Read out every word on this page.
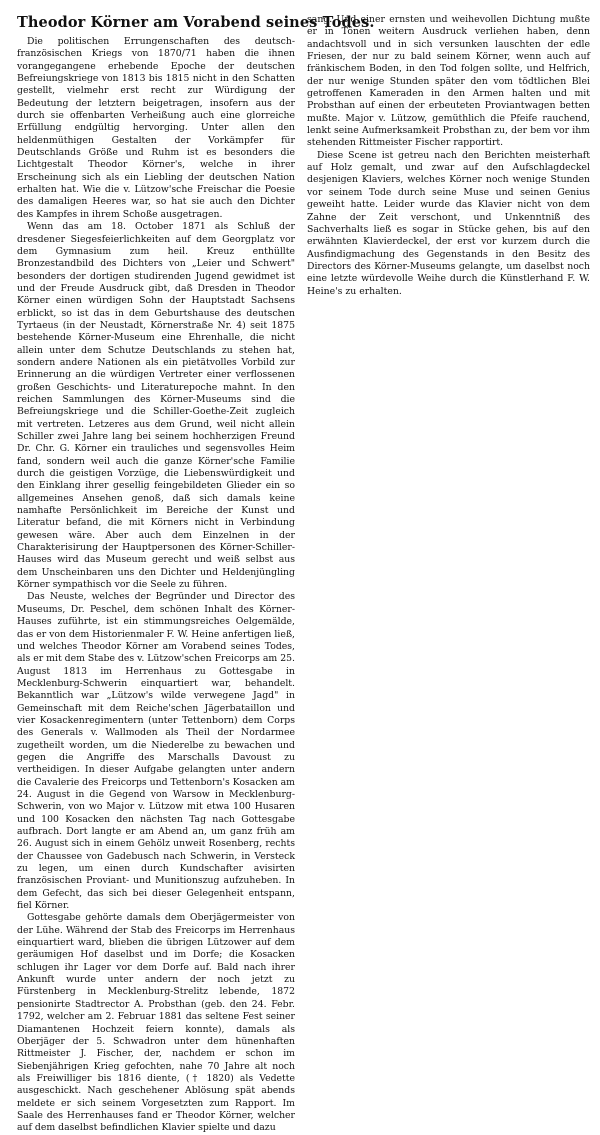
Theodor Körner am Vorabend seines Todes.

Die politischen Errungenschaften des deutsch-französischen Kriegs von 1870/71 haben die ihnen vorangegangene erhebende Epoche der deutschen Befreiungskriege von 1813 bis 1815 nicht in den Schatten gestellt, vielmehr erst recht zur Würdigung der Bedeutung der letztern beigetragen, insofern aus der durch sie offenbarten Verheißung auch eine glorreiche Erfüllung endgültig hervorging. Unter allen den heldenmüthigen Gestalten der Vorkämpfer für Deutschlands Größe und Ruhm ist es besonders die Lichtgestalt Theodor Körner's, welche in ihrer Erscheinung sich als ein Liebling der deutschen Nation erhalten hat. Wie die v. Lützow'sche Freischar die Poesie des damaligen Heeres war, so hat sie auch den Dichter des Kampfes in ihrem Schoße ausgetragen.

Wenn das am 18. October 1871 als Schluß der dresdener Siegesfeierlichkeiten auf dem Georgplatz vor dem Gymnasium zum heil. Kreuz enthüllte Bronzestandbild des Dichters von „Leier und Schwert" besonders der dortigen studirenden Jugend gewidmet ist und der Freude Ausdruck gibt, daß Dresden in Theodor Körner einen würdigen Sohn der Hauptstadt Sachsens erblickt, so ist das in dem Geburtshause des deutschen Tyrtaeus (in der Neustadt, Körnerstraße Nr. 4) seit 1875 bestehende Körner-Museum eine Ehrenhalle, die nicht allein unter dem Schutze Deutschlands zu stehen hat, sondern andere Nationen als ein pietätvolles Vorbild zur Erinnerung an die würdigen Vertreter einer verflossenen großen Geschichts- und Literaturepoche mahnt. In den reichen Sammlungen des Körner-Museums sind die Befreiungskriege und die Schiller-Goethe-Zeit zugleich mit vertreten. Letzeres aus dem Grund, weil nicht allein Schiller zwei Jahre lang bei seinem hochherzigen Freund Dr. Chr. G. Körner ein trauliches und segensvolles Heim fand, sondern weil auch die ganze Körner'sche Familie durch die geistigen Vorzüge, die Liebenswürdigkeit und den Einklang ihrer gesellig feingebildeten Glieder ein so allgemeines Ansehen genoß, daß sich damals keine namhafte Persönlichkeit im Bereiche der Kunst und Literatur befand, die mit Körners nicht in Verbindung gewesen wäre. Aber auch dem Einzelnen in der Charakterisirung der Hauptpersonen des Körner-Schiller-Hauses wird das Museum gerecht und weiß selbst aus dem Unscheinbaren uns den Dichter und Heldenjüngling Körner sympathisch vor die Seele zu führen.

Das Neuste, welches der Begründer und Director des Museums, Dr. Peschel, dem schönen Inhalt des Körner-Hauses zuführte, ist ein stimmungsreiches Oelgemälde, das er von dem Historienmaler F. W. Heine anfertigen ließ, und welches Theodor Körner am Vorabend seines Todes, als er mit dem Stabe des v. Lützow'schen Freicorps am 25. August 1813 im Herrenhaus zu Gottesgabe in Mecklenburg-Schwerin einquartiert war, behandelt. Bekanntlich war „Lützow's wilde verwegene Jagd" in Gemeinschaft mit dem Reiche'schen Jägerbataillon und vier Kosackenregimentern (unter Tettenborn) dem Corps des Generals v. Wallmoden als Theil der Nordarmee zugetheilt worden, um die Niederelbe zu bewachen und gegen die Angriffe des Marschalls Davoust zu vertheidigen. In dieser Aufgabe gelangten unter andern die Cavalerie des Freicorps und Tettenborn's Kosacken am 24. August in die Gegend von Warsow in Mecklenburg-Schwerin, von wo Major v. Lützow mit etwa 100 Husaren und 100 Kosacken den nächsten Tag nach Gottesgabe aufbrach. Dort langte er am Abend an, um ganz früh am 26. August sich in einem Gehölz unweit Rosenberg, rechts der Chaussee von Gadebusch nach Schwerin, in Versteck zu legen, um einen durch Kundschafter avisirten französischen Proviant- und Munitionszug aufzuheben. In dem Gefecht, das sich bei dieser Gelegenheit entspann, fiel Körner.

Gottesgabe gehörte damals dem Oberjägermeister von der Lühe. Während der Stab des Freicorps im Herrenhaus einquartiert ward, blieben die übrigen Lützower auf dem geräumigen Hof daselbst und im Dorfe; die Kosacken schlugen ihr Lager vor dem Dorfe auf. Bald nach ihrer Ankunft wurde unter andern der noch jetzt zu Fürstenberg in Mecklenburg-Strelitz lebende, 1872 pensionirte Stadtrector A. Probsthan (geb. den 24. Febr. 1792, welcher am 2. Februar 1881 das seltene Fest seiner Diamantenen Hochzeit feiern konnte), damals als Oberjäger der 5. Schwadron unter dem hünenhaften Rittmeister J. Fischer, der, nachdem er schon im Siebenjährigen Krieg gefochten, nahe 70 Jahre alt noch als Freiwilliger bis 1816 diente, († 1820) als Vedette ausgeschickt. Nach geschehener Ablösung spät abends meldete er sich seinem Vorgesetzten zum Rapport. Im Saale des Herrenhauses fand er Theodor Körner, welcher auf dem daselbst befindlichen Klavier spielte und dazu

sang. Und einer ernsten und weihevollen Dichtung mußte er in Tönen weitern Ausdruck verliehen haben, denn andachtsvoll und in sich versunken lauschten der edle Friesen, der nur zu bald seinem Körner, wenn auch auf fränkischem Boden, in den Tod folgen sollte, und Helfrich, der nur wenige Stunden später den vom tödtlichen Blei getroffenen Kameraden in den Armen halten und mit Probsthan auf einen der erbeuteten Proviantwagen betten mußte. Major v. Lützow, gemüthlich die Pfeife rauchend, lenkt seine Aufmerksamkeit Probsthan zu, der bem vor ihm stehenden Rittmeister Fischer rapportirt.

Diese Scene ist getreu nach den Berichten meisterhaft auf Holz gemalt, und zwar auf den Aufschlagdeckel desjenigen Klaviers, welches Körner noch wenige Stunden vor seinem Tode durch seine Muse und seinen Genius geweiht hatte. Leider wurde das Klavier nicht von dem Zahne der Zeit verschont, und Unkenntniß des Sachverhalts ließ es sogar in Stücke gehen, bis auf den erwähnten Klavierdeckel, der erst vor kurzem durch die Ausfindigmachung des Gegenstands in den Besitz des Directors des Körner-Museums gelangte, um daselbst noch eine letzte würdevolle Weihe durch die Künstlerhand F. W. Heine's zu erhalten.
